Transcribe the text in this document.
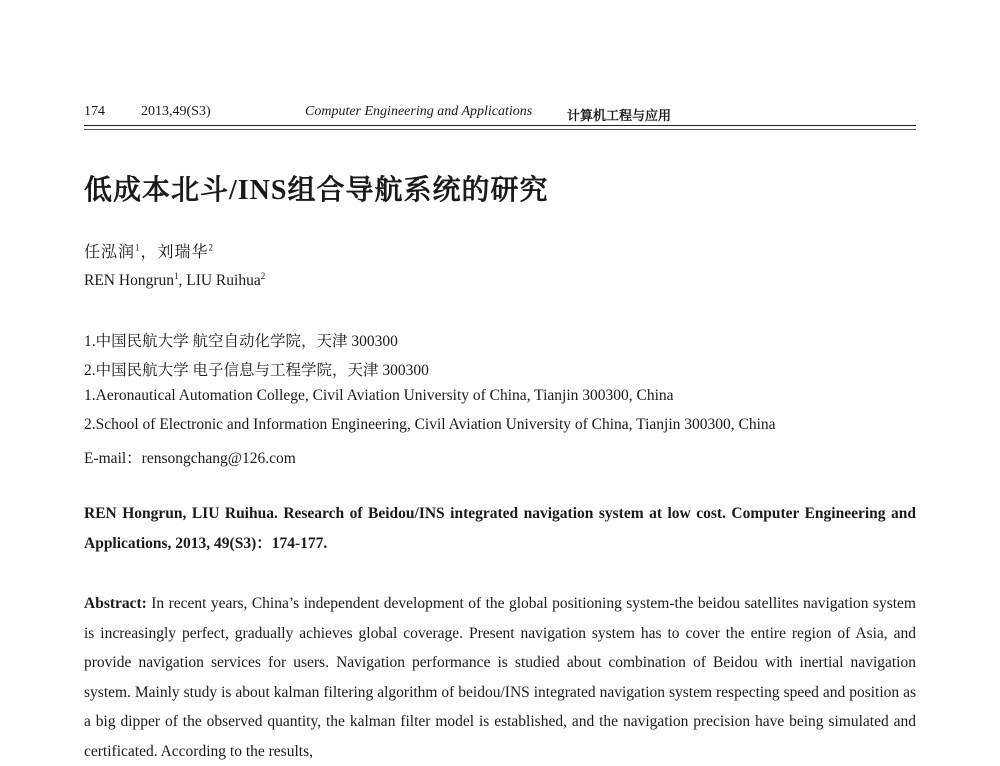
174	2013,49(S3)	Computer Engineering and Applications	计算机工程与应用
低成本北斗/INS组合导航系统的研究
任泓润$^1$，刘瑞华$^2$
REN Hongrun$^1$, LIU Ruihua$^2$
1.中国民航大学 航空自动化学院，天津 300300
2.中国民航大学 电子信息与工程学院，天津 300300
1.Aeronautical Automation College, Civil Aviation University of China, Tianjin 300300, China
2.School of Electronic and Information Engineering, Civil Aviation University of China, Tianjin 300300, China
E-mail：rensongchang@126.com
REN Hongrun, LIU Ruihua. Research of Beidou/INS integrated navigation system at low cost. Computer Engineering and Applications, 2013, 49(S3)：174-177.
Abstract: In recent years, China’s independent development of the global positioning system-the beidou satellites navigation system is increasingly perfect, gradually achieves global coverage. Present navigation system has to cover the entire region of Asia, and provide navigation services for users. Navigation performance is studied about combination of Beidou with inertial navigation system. Mainly study is about kalman filtering algorithm of beidou/INS integrated navigation system respecting speed and position as a big dipper of the observed quantity, the kalman filter model is established, and the navigation precision have being simulated and certificated. According to the results,
